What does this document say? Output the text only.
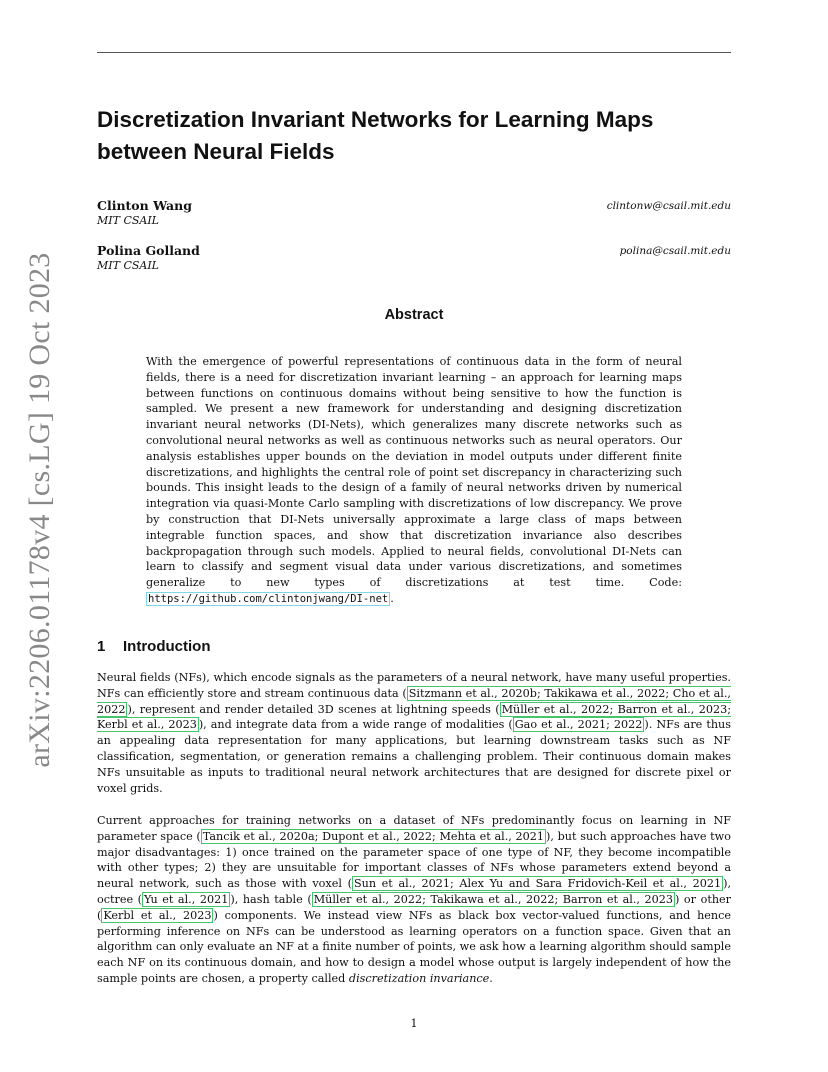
arXiv:2206.01178v4 [cs.LG] 19 Oct 2023
Discretization Invariant Networks for Learning Maps between Neural Fields
Clinton Wang
MIT CSAIL
clintonw@csail.mit.edu
Polina Golland
MIT CSAIL
polina@csail.mit.edu
Abstract
With the emergence of powerful representations of continuous data in the form of neural fields, there is a need for discretization invariant learning – an approach for learning maps between functions on continuous domains without being sensitive to how the function is sampled. We present a new framework for understanding and designing discretization invariant neural networks (DI-Nets), which generalizes many discrete networks such as convolutional neural networks as well as continuous networks such as neural operators. Our analysis establishes upper bounds on the deviation in model outputs under different finite discretizations, and highlights the central role of point set discrepancy in characterizing such bounds. This insight leads to the design of a family of neural networks driven by numerical integration via quasi-Monte Carlo sampling with discretizations of low discrepancy. We prove by construction that DI-Nets universally approximate a large class of maps between integrable function spaces, and show that discretization invariance also describes backpropagation through such models. Applied to neural fields, convolutional DI-Nets can learn to classify and segment visual data under various discretizations, and sometimes generalize to new types of discretizations at test time. Code: https://github.com/clintonjwang/DI-net .
1 Introduction
Neural fields (NFs), which encode signals as the parameters of a neural network, have many useful properties. NFs can efficiently store and stream continuous data ( Sitzmann et al., 2020b; Takikawa et al., 2022; Cho et al., 2022 ), represent and render detailed 3D scenes at lightning speeds ( Müller et al., 2022; Barron et al., 2023; Kerbl et al., 2023 ), and integrate data from a wide range of modalities ( Gao et al., 2021; 2022 ). NFs are thus an appealing data representation for many applications, but learning downstream tasks such as NF classification, segmentation, or generation remains a challenging problem. Their continuous domain makes NFs unsuitable as inputs to traditional neural network architectures that are designed for discrete pixel or voxel grids.
Current approaches for training networks on a dataset of NFs predominantly focus on learning in NF parameter space ( Tancik et al., 2020a; Dupont et al., 2022; Mehta et al., 2021 ), but such approaches have two major disadvantages: 1) once trained on the parameter space of one type of NF, they become incompatible with other types; 2) they are unsuitable for important classes of NFs whose parameters extend beyond a neural network, such as those with voxel ( Sun et al., 2021; Alex Yu and Sara Fridovich-Keil et al., 2021 ), octree ( Yu et al., 2021 ), hash table ( Müller et al., 2022; Takikawa et al., 2022; Barron et al., 2023 ) or other ( Kerbl et al., 2023 ) components. We instead view NFs as black box vector-valued functions, and hence performing inference on NFs can be understood as learning operators on a function space. Given that an algorithm can only evaluate an NF at a finite number of points, we ask how a learning algorithm should sample each NF on its continuous domain, and how to design a model whose output is largely independent of how the sample points are chosen, a property called discretization invariance.
1
